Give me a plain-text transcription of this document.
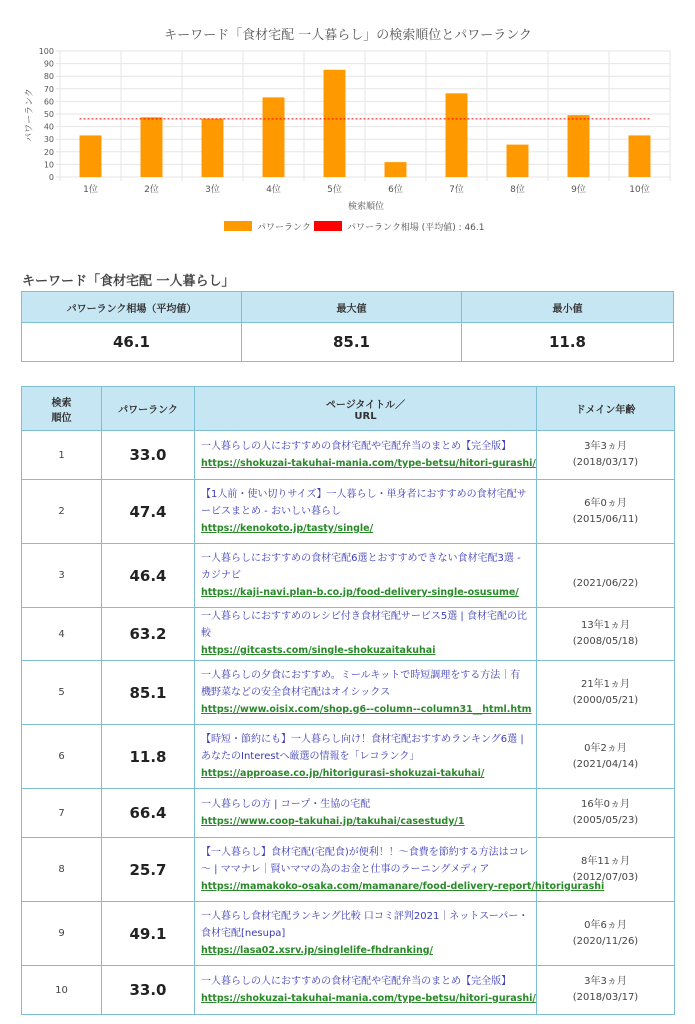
キーワード「食材宅配 一人暮らし」の検索順位とパワーランク
0
10
20
30
40
50
60
70
80
90
100
パワーランク
1位	2位	3位	4位	5位	6位	7位	8位	9位	10位
検索順位
パワーランク	パワーランク相場 (平均値) : 46.1
キーワード「食材宅配 一人暮らし」
パワーランク相場（平均値）	最大値	最小値
46.1	85.1	11.8
検索
順位	パワーランク	ページタイトル／
URL	ドメイン年齢
1	33.0	一人暮らしの人におすすめの食材宅配や宅配弁当のまとめ【完全版】
https://shokuzai-takuhai-mania.com/type-betsu/hitori-gurashi/	3年3ヵ月
(2018/03/17)
2	47.4	【1人前・使い切りサイズ】一人暮らし・単身者におすすめの食材宅配サービスまとめ - おいしい暮らし
https://kenokoto.jp/tasty/single/	6年0ヵ月
(2015/06/11)
3	46.4	一人暮らしにおすすめの食材宅配6選とおすすめできない食材宅配3選 - カジナビ
https://kaji-navi.plan-b.co.jp/food-delivery-single-osusume/	(2021/06/22)
4	63.2	一人暮らしにおすすめのレシピ付き食材宅配サービス5選 | 食材宅配の比較
https://gitcasts.com/single-shokuzaitakuhai	13年1ヵ月
(2008/05/18)
5	85.1	一人暮らしの夕食におすすめ。ミールキットで時短調理をする方法｜有機野菜などの安全食材宅配はオイシックス
https://www.oisix.com/shop.g6--column--column31__html.htm	21年1ヵ月
(2000/05/21)
6	11.8	【時短・節約にも】一人暮らし向け！食材宅配おすすめランキング6選 | あなたのInterestへ厳選の情報を「レコランク」
https://approase.co.jp/hitorigurasi-shokuzai-takuhai/	0年2ヵ月
(2021/04/14)
7	66.4	一人暮らしの方 | コープ・生協の宅配
https://www.coop-takuhai.jp/takuhai/casestudy/1	16年0ヵ月
(2005/05/23)
8	25.7	【一人暮らし】食材宅配(宅配食)が便利！！～食費を節約する方法はコレ～ | ママナレ｜賢いママの為のお金と仕事のラーニングメディア
https://mamakoko-osaka.com/mamanare/food-delivery-report/hitorigurashi	8年11ヵ月
(2012/07/03)
9	49.1	一人暮らし食材宅配ランキング比較 口コミ評判2021｜ネットスーパー・食材宅配[nesupa]
https://lasa02.xsrv.jp/singlelife-fhdranking/	0年6ヵ月
(2020/11/26)
10	33.0	一人暮らしの人におすすめの食材宅配や宅配弁当のまとめ【完全版】
https://shokuzai-takuhai-mania.com/type-betsu/hitori-gurashi/	3年3ヵ月
(2018/03/17)
